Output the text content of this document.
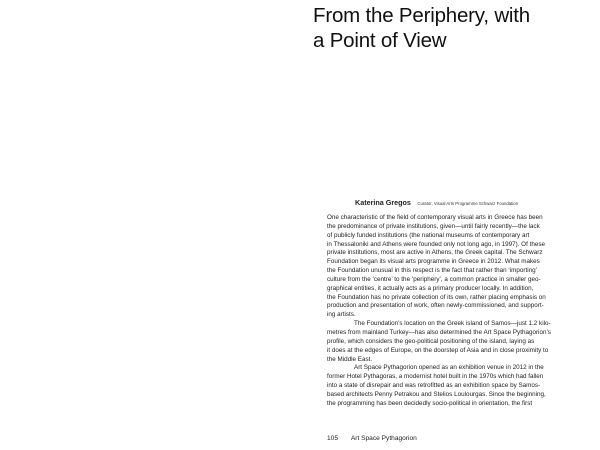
From the Periphery, with
a Point of View
Katerina Gregos Curator, Visual Arts Programme Schwarz Foundation
One characteristic of the field of contemporary visual arts in Greece has been
the predominance of private institutions, given—until fairly recently—the lack
of publicly funded institutions (the national museums of contemporary art
in Thessaloniki and Athens were founded only not long ago, in 1997). Of these
private institutions, most are active in Athens, the Greek capital. The Schwarz
Foundation began its visual arts programme in Greece in 2012. What makes
the Foundation unusual in this respect is the fact that rather than ‘importing’
culture from the ‘centre’ to the ‘periphery’, a common practice in smaller geo-
graphical entities, it actually acts as a primary producer locally. In addition,
the Foundation has no private collection of its own, rather placing emphasis on
production and presentation of work, often newly-commissioned, and support-
ing artists.
The Foundation’s location on the Greek island of Samos—just 1.2 kilo-
metres from mainland Turkey—has also determined the Art Space Pythagorion’s
profile, which considers the geo-political positioning of the island, laying as
it does at the edges of Europe, on the doorstep of Asia and in close proximity to
the Middle East.
Art Space Pythagorion opened as an exhibition venue in 2012 in the
former Hotel Pythagoras, a modernist hotel built in the 1970s which had fallen
into a state of disrepair and was retrofitted as an exhibition space by Samos-
based architects Penny Petrakou and Stelios Loulourgas. Since the beginning,
the programming has been decidedly socio-political in orientation, the first
105 Art Space Pythagorion
